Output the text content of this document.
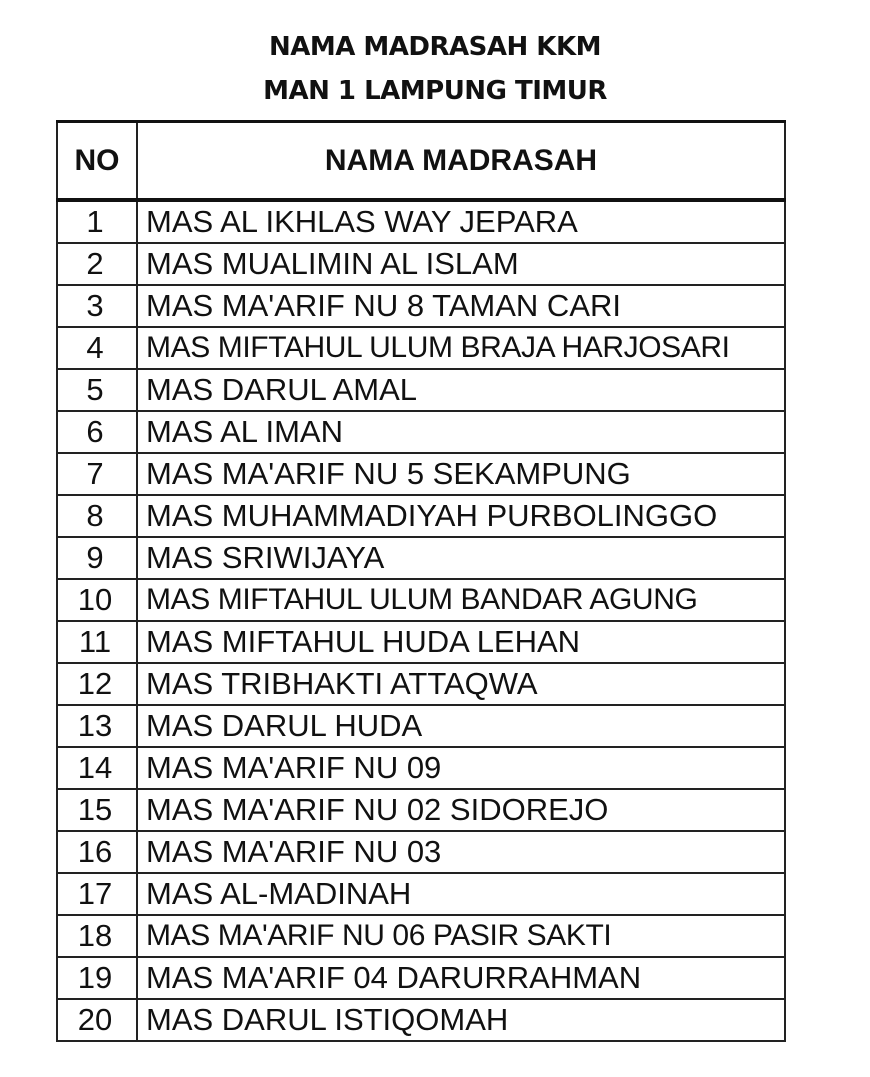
NAMA MADRASAH KKM
MAN 1 LAMPUNG TIMUR
NO	NAMA MADRASAH
1	MAS AL IKHLAS WAY JEPARA
2	MAS MUALIMIN AL ISLAM
3	MAS MA'ARIF NU 8 TAMAN CARI
4	MAS MIFTAHUL ULUM BRAJA HARJOSARI
5	MAS DARUL AMAL
6	MAS AL IMAN
7	MAS MA'ARIF NU 5 SEKAMPUNG
8	MAS MUHAMMADIYAH PURBOLINGGO
9	MAS SRIWIJAYA
10	MAS MIFTAHUL ULUM BANDAR AGUNG
11	MAS MIFTAHUL HUDA LEHAN
12	MAS TRIBHAKTI ATTAQWA
13	MAS DARUL HUDA
14	MAS MA'ARIF NU 09
15	MAS MA'ARIF NU 02 SIDOREJO
16	MAS MA'ARIF NU 03
17	MAS AL-MADINAH
18	MAS MA'ARIF NU 06 PASIR SAKTI
19	MAS MA'ARIF 04 DARURRAHMAN
20	MAS DARUL ISTIQOMAH
